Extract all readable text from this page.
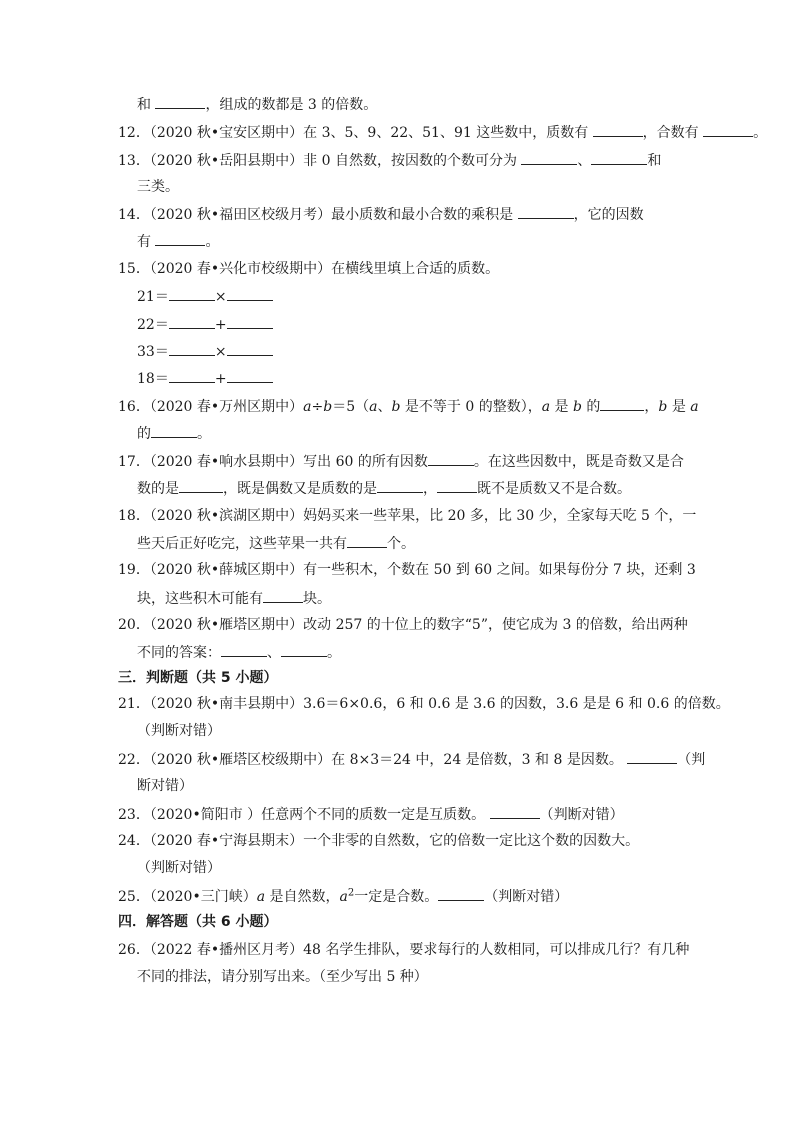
和	，组成的数都是 3 的倍数。
12．（2020 秋•宝安区期中）在 3、5、9、22、51、91 这些数中，质数有	，合数有	。
13．（2020 秋•岳阳县期中）非 0 自然数，按因数的个数可分为	、	和
三类。
14．（2020 秋•福田区校级月考）最小质数和最小合数的乘积是	，它的因数
有	。
15．（2020 春•兴化市校级期中）在横线里填上合适的质数。
21＝	×
22＝	+
33＝	×
18＝	+
16．（2020 春•万州区期中）a÷b＝5（a、b 是不等于 0 的整数），a 是 b 的	，b 是 a
的	。
17．（2020 春•响水县期中）写出 60 的所有因数	。在这些因数中，既是奇数又是合
数的是	，既是偶数又是质数的是	，	既不是质数又不是合数。
18．（2020 秋•滨湖区期中）妈妈买来一些苹果，比 20 多，比 30 少，全家每天吃 5 个，一
些天后正好吃完，这些苹果一共有	个。
19．（2020 秋•薛城区期中）有一些积木，个数在 50 到 60 之间。如果每份分 7 块，还剩 3
块，这些积木可能有	块。
20．（2020 秋•雁塔区期中）改动 257 的十位上的数字“5”，使它成为 3 的倍数，给出两种
不同的答案：	、	。
三．判断题（共 5 小题）
21．（2020 秋•南丰县期中）3.6＝6×0.6，6 和 0.6 是 3.6 的因数，3.6 是是 6 和 0.6 的倍数。
（判断对错）
22．（2020 秋•雁塔区校级期中）在 8×3＝24 中，24 是倍数，3 和 8 是因数。	（判
断对错）
23．（2020•简阳市 ）任意两个不同的质数一定是互质数。	（判断对错）
24．（2020 春•宁海县期末）一个非零的自然数，它的倍数一定比这个数的因数大。
（判断对错）
25．（2020•三门峡）a 是自然数，$a^2$一定是合数。	（判断对错）
四．解答题（共 6 小题）
26．（2022 春•播州区月考）48 名学生排队，要求每行的人数相同，可以排成几行？有几种
不同的排法，请分别写出来。（至少写出 5 种）
